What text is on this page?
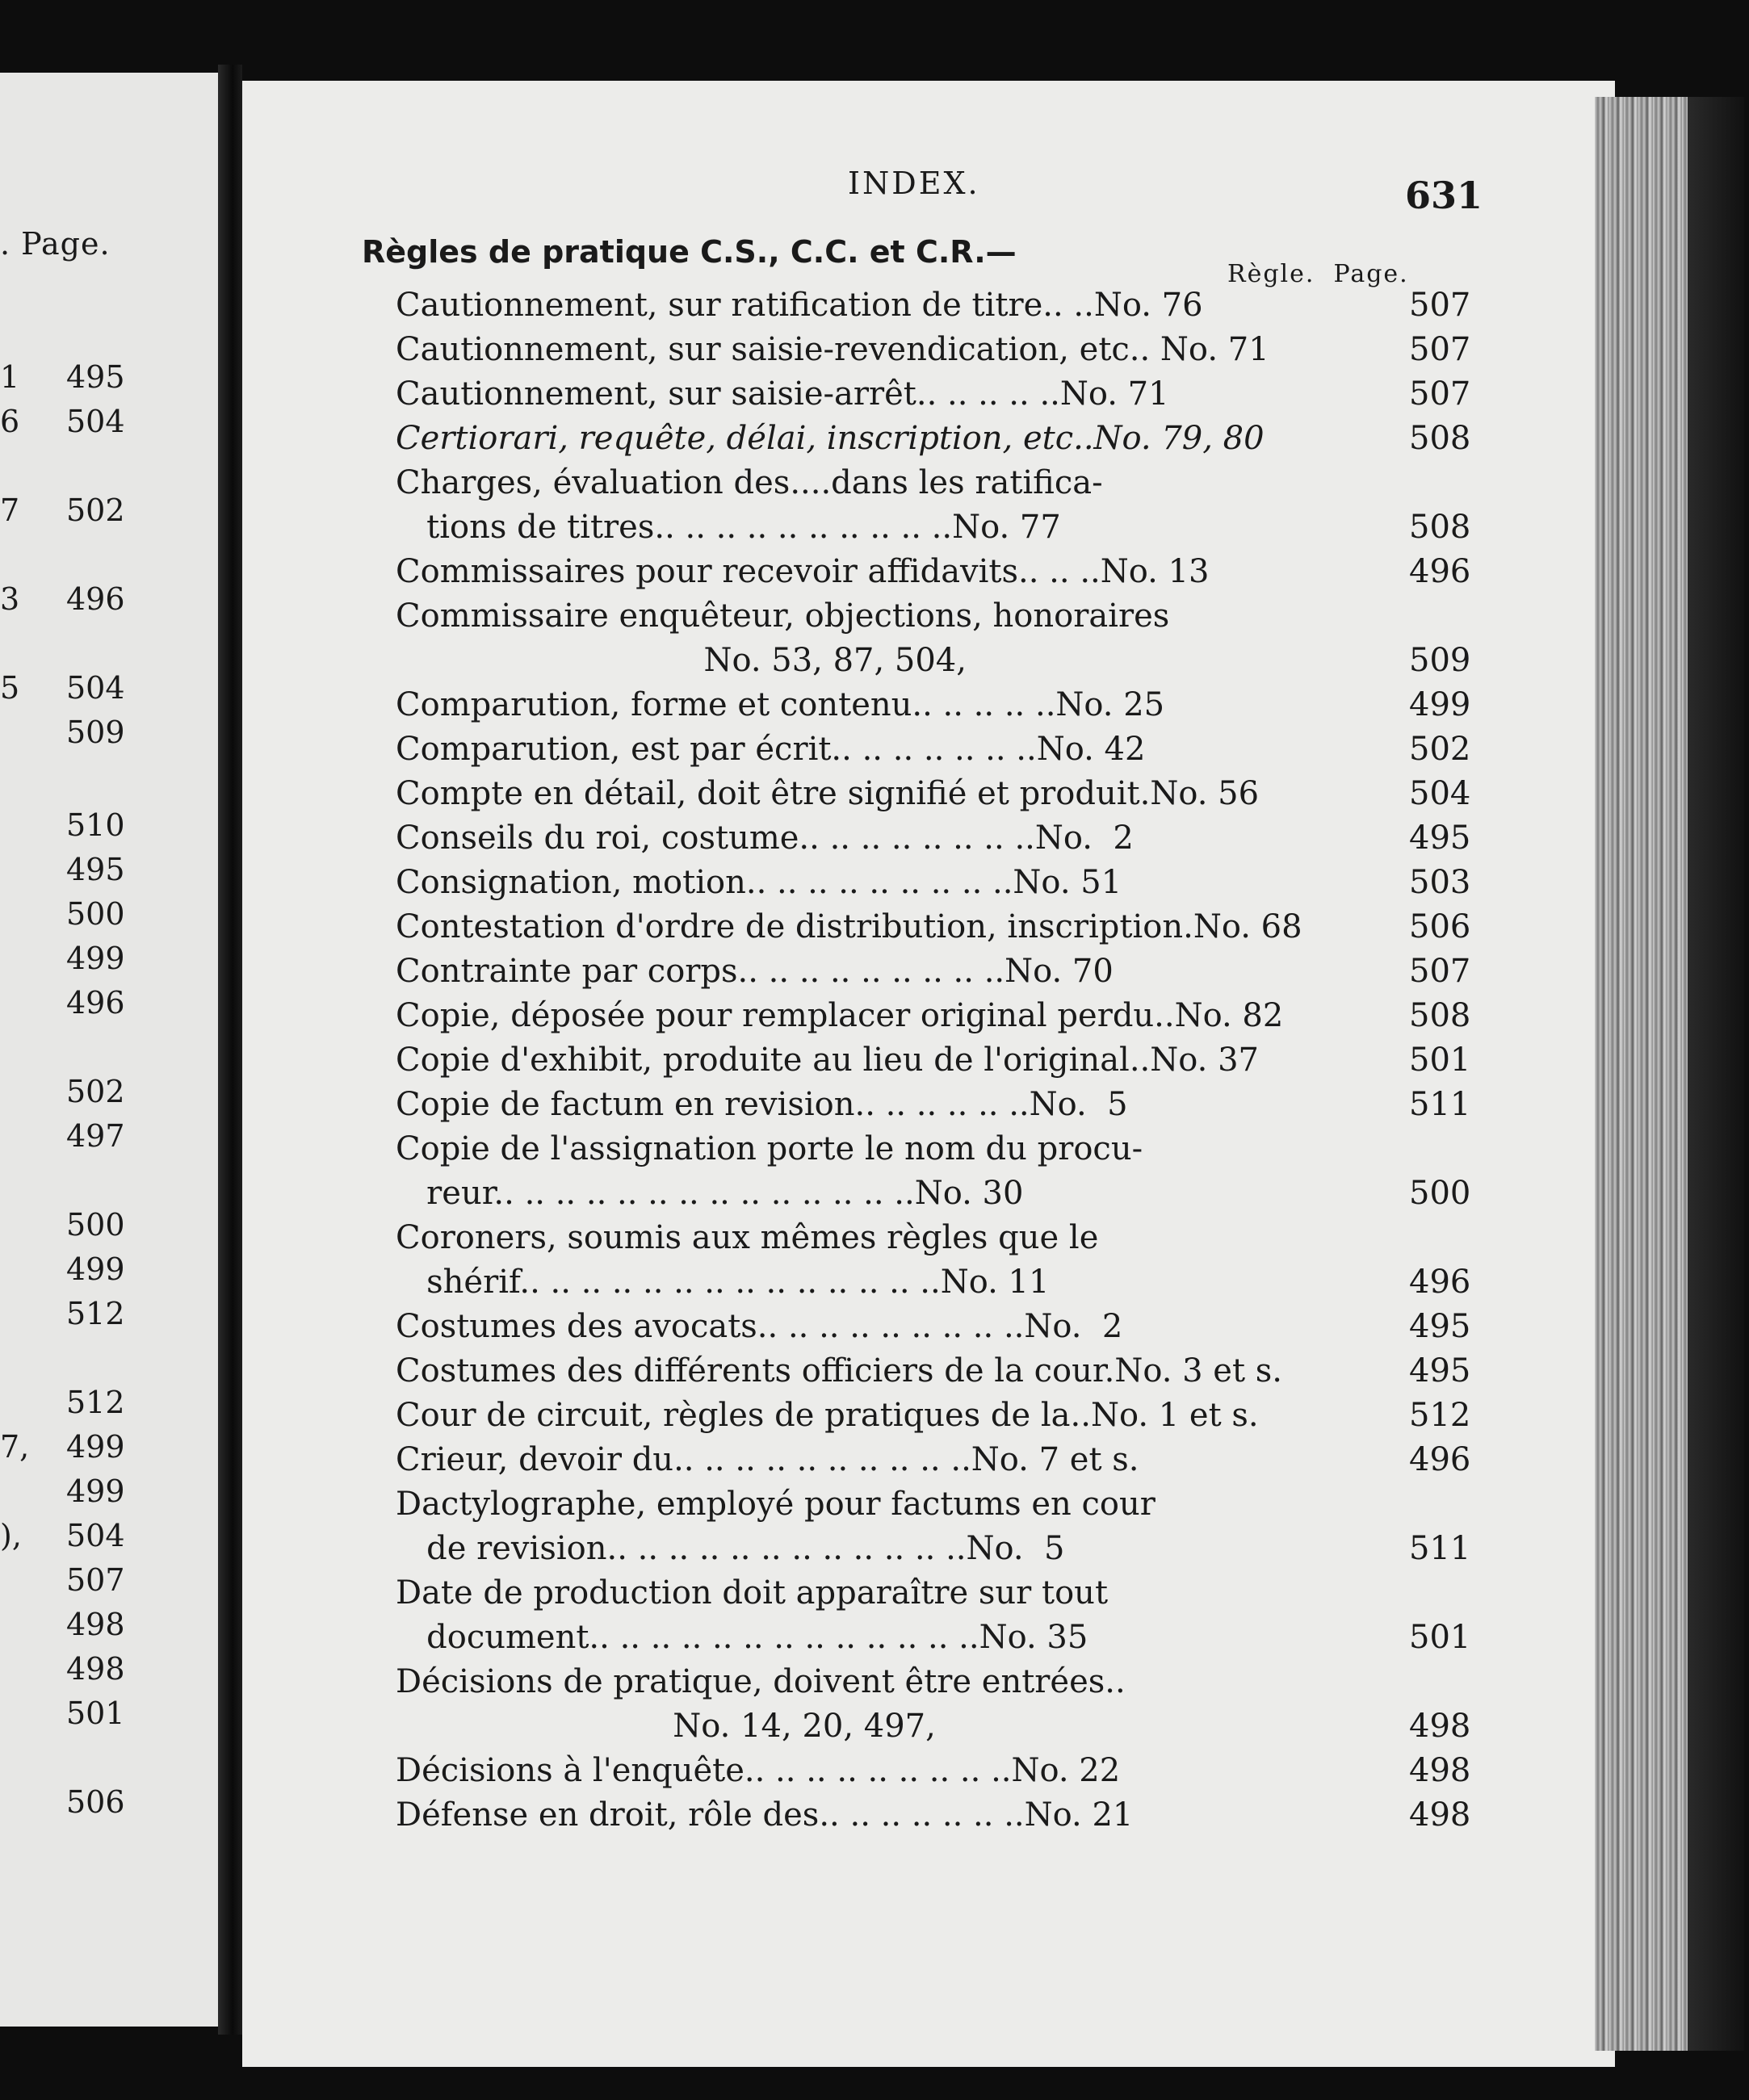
. Page.
1 495
6 504
7 502
3 496
5 504
509
510
495
500
499
496
502
497
500
499
512
512
7, 499
499
), 504
507
498
498
501
506
INDEX.	631
Règles de pratique C.S., C.C. et C.R.—
Règle.  Page.
Cautionnement, sur ratification de titre.. ..No. 76	507
Cautionnement, sur saisie-revendication, etc.. No. 71	507
Cautionnement, sur saisie-arrêt.. .. .. .. ..No. 71	507
Certiorari, requête, délai, inscription, etc..No. 79, 80	508
Charges, évaluation des....dans les ratifica-
tions de titres.. .. .. .. .. .. .. .. .. ..No. 77	508
Commissaires pour recevoir affidavits.. .. ..No. 13	496
Commissaire enquêteur, objections, honoraires
No. 53, 87, 504,	509
Comparution, forme et contenu.. .. .. .. ..No. 25	499
Comparution, est par écrit.. .. .. .. .. .. ..No. 42	502
Compte en détail, doit être signifié et produit.No. 56	504
Conseils du roi, costume.. .. .. .. .. .. .. ..No.  2	495
Consignation, motion.. .. .. .. .. .. .. .. ..No. 51	503
Contestation d'ordre de distribution, inscription.No. 68	506
Contrainte par corps.. .. .. .. .. .. .. .. ..No. 70	507
Copie, déposée pour remplacer original perdu..No. 82	508
Copie d'exhibit, produite au lieu de l'original..No. 37	501
Copie de factum en revision.. .. .. .. .. ..No.  5	511
Copie de l'assignation porte le nom du procu-
reur.. .. .. .. .. .. .. .. .. .. .. .. .. ..No. 30	500
Coroners, soumis aux mêmes règles que le
shérif.. .. .. .. .. .. .. .. .. .. .. .. .. ..No. 11	496
Costumes des avocats.. .. .. .. .. .. .. .. ..No.  2	495
Costumes des différents officiers de la cour.No. 3 et s.	495
Cour de circuit, règles de pratiques de la..No. 1 et s.	512
Crieur, devoir du.. .. .. .. .. .. .. .. .. ..No. 7 et s.	496
Dactylographe, employé pour factums en cour
de revision.. .. .. .. .. .. .. .. .. .. .. ..No.  5	511
Date de production doit apparaître sur tout
document.. .. .. .. .. .. .. .. .. .. .. .. ..No. 35	501
Décisions de pratique, doivent être entrées..
No. 14, 20, 497,	498
Décisions à l'enquête.. .. .. .. .. .. .. .. ..No. 22	498
Défense en droit, rôle des.. .. .. .. .. .. ..No. 21	498
